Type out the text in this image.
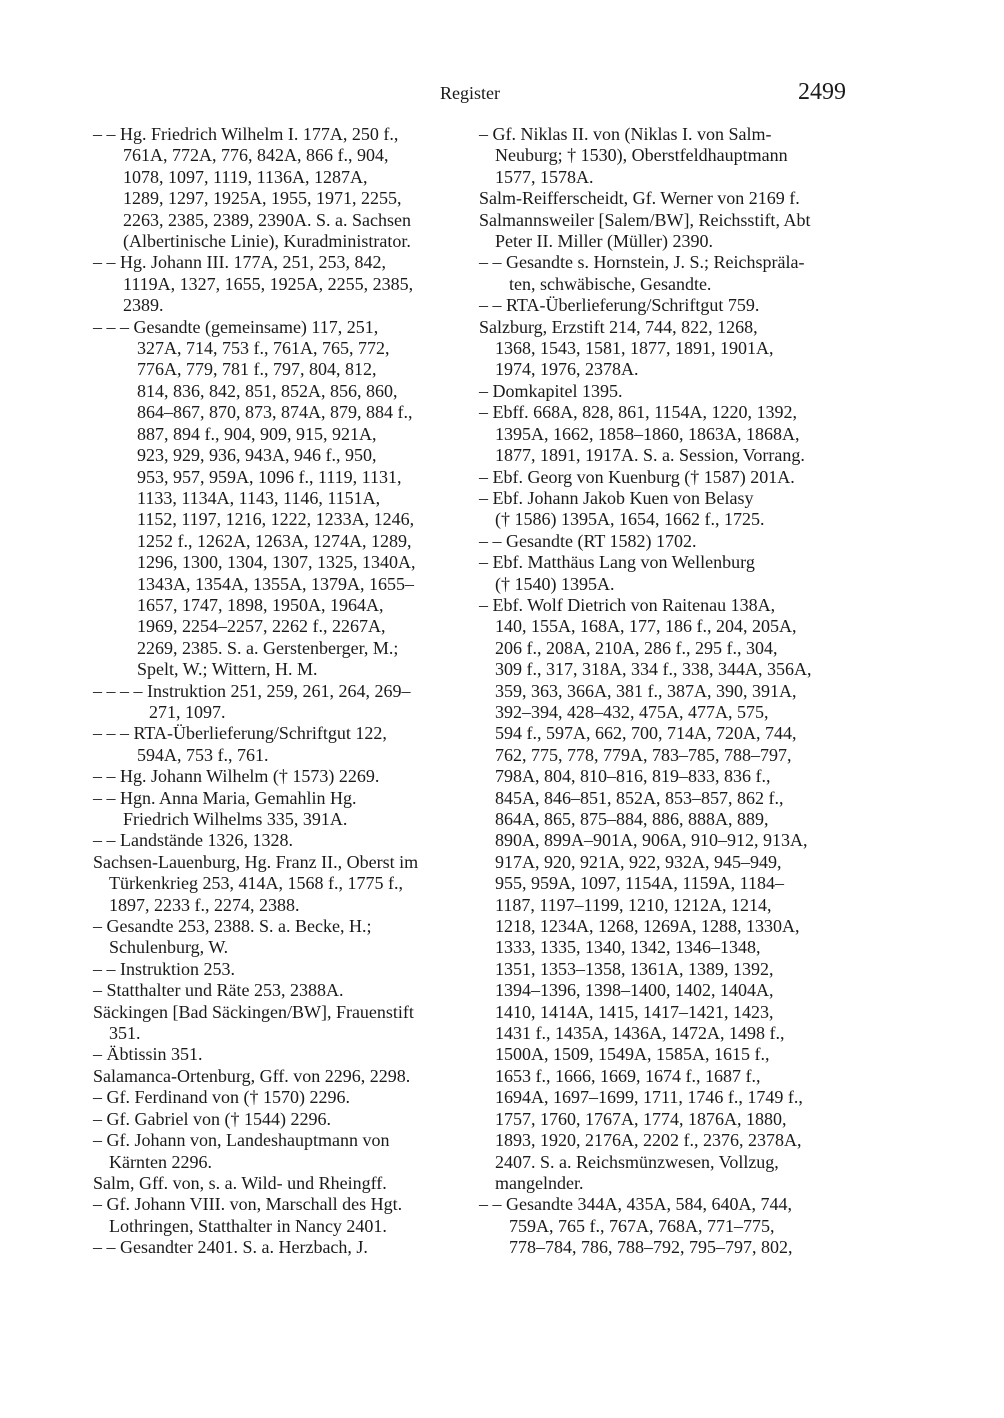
Register	2499
– – Hg. Friedrich Wilhelm I. 177A, 250 f.,
761A, 772A, 776, 842A, 866 f., 904,
1078, 1097, 1119, 1136A, 1287A,
1289, 1297, 1925A, 1955, 1971, 2255,
2263, 2385, 2389, 2390A. S. a. Sachsen
(Albertinische Linie), Kuradministrator.
– – Hg. Johann III. 177A, 251, 253, 842,
1119A, 1327, 1655, 1925A, 2255, 2385,
2389.
– – – Gesandte (gemeinsame) 117, 251,
327A, 714, 753 f., 761A, 765, 772,
776A, 779, 781 f., 797, 804, 812,
814, 836, 842, 851, 852A, 856, 860,
864–867, 870, 873, 874A, 879, 884 f.,
887, 894 f., 904, 909, 915, 921A,
923, 929, 936, 943A, 946 f., 950,
953, 957, 959A, 1096 f., 1119, 1131,
1133, 1134A, 1143, 1146, 1151A,
1152, 1197, 1216, 1222, 1233A, 1246,
1252 f., 1262A, 1263A, 1274A, 1289,
1296, 1300, 1304, 1307, 1325, 1340A,
1343A, 1354A, 1355A, 1379A, 1655–
1657, 1747, 1898, 1950A, 1964A,
1969, 2254–2257, 2262 f., 2267A,
2269, 2385. S. a. Gerstenberger, M.;
Spelt, W.; Wittern, H. M.
– – – – Instruktion 251, 259, 261, 264, 269–
271, 1097.
– – – RTA-Überlieferung/Schriftgut 122,
594A, 753 f., 761.
– – Hg. Johann Wilhelm († 1573) 2269.
– – Hgn. Anna Maria, Gemahlin Hg.
Friedrich Wilhelms 335, 391A.
– – Landstände 1326, 1328.
Sachsen-Lauenburg, Hg. Franz II., Oberst im
Türkenkrieg 253, 414A, 1568 f., 1775 f.,
1897, 2233 f., 2274, 2388.
– Gesandte 253, 2388. S. a. Becke, H.;
Schulenburg, W.
– – Instruktion 253.
– Statthalter und Räte 253, 2388A.
Säckingen [Bad Säckingen/BW], Frauenstift
351.
– Äbtissin 351.
Salamanca-Ortenburg, Gff. von 2296, 2298.
– Gf. Ferdinand von († 1570) 2296.
– Gf. Gabriel von († 1544) 2296.
– Gf. Johann von, Landeshauptmann von
Kärnten 2296.
Salm, Gff. von, s. a. Wild- und Rheingff.
– Gf. Johann VIII. von, Marschall des Hgt.
Lothringen, Statthalter in Nancy 2401.
– – Gesandter 2401. S. a. Herzbach, J.
– Gf. Niklas II. von (Niklas I. von Salm-
Neuburg; † 1530), Oberstfeldhauptmann
1577, 1578A.
Salm-Reifferscheidt, Gf. Werner von 2169 f.
Salmannsweiler [Salem/BW], Reichsstift, Abt
Peter II. Miller (Müller) 2390.
– – Gesandte s. Hornstein, J. S.; Reichspräla-
ten, schwäbische, Gesandte.
– – RTA-Überlieferung/Schriftgut 759.
Salzburg, Erzstift 214, 744, 822, 1268,
1368, 1543, 1581, 1877, 1891, 1901A,
1974, 1976, 2378A.
– Domkapitel 1395.
– Ebff. 668A, 828, 861, 1154A, 1220, 1392,
1395A, 1662, 1858–1860, 1863A, 1868A,
1877, 1891, 1917A. S. a. Session, Vorrang.
– Ebf. Georg von Kuenburg († 1587) 201A.
– Ebf. Johann Jakob Kuen von Belasy
(† 1586) 1395A, 1654, 1662 f., 1725.
– – Gesandte (RT 1582) 1702.
– Ebf. Matthäus Lang von Wellenburg
(† 1540) 1395A.
– Ebf. Wolf Dietrich von Raitenau 138A,
140, 155A, 168A, 177, 186 f., 204, 205A,
206 f., 208A, 210A, 286 f., 295 f., 304,
309 f., 317, 318A, 334 f., 338, 344A, 356A,
359, 363, 366A, 381 f., 387A, 390, 391A,
392–394, 428–432, 475A, 477A, 575,
594 f., 597A, 662, 700, 714A, 720A, 744,
762, 775, 778, 779A, 783–785, 788–797,
798A, 804, 810–816, 819–833, 836 f.,
845A, 846–851, 852A, 853–857, 862 f.,
864A, 865, 875–884, 886, 888A, 889,
890A, 899A–901A, 906A, 910–912, 913A,
917A, 920, 921A, 922, 932A, 945–949,
955, 959A, 1097, 1154A, 1159A, 1184–
1187, 1197–1199, 1210, 1212A, 1214,
1218, 1234A, 1268, 1269A, 1288, 1330A,
1333, 1335, 1340, 1342, 1346–1348,
1351, 1353–1358, 1361A, 1389, 1392,
1394–1396, 1398–1400, 1402, 1404A,
1410, 1414A, 1415, 1417–1421, 1423,
1431 f., 1435A, 1436A, 1472A, 1498 f.,
1500A, 1509, 1549A, 1585A, 1615 f.,
1653 f., 1666, 1669, 1674 f., 1687 f.,
1694A, 1697–1699, 1711, 1746 f., 1749 f.,
1757, 1760, 1767A, 1774, 1876A, 1880,
1893, 1920, 2176A, 2202 f., 2376, 2378A,
2407. S. a. Reichsmünzwesen, Vollzug,
mangelnder.
– – Gesandte 344A, 435A, 584, 640A, 744,
759A, 765 f., 767A, 768A, 771–775,
778–784, 786, 788–792, 795–797, 802,
